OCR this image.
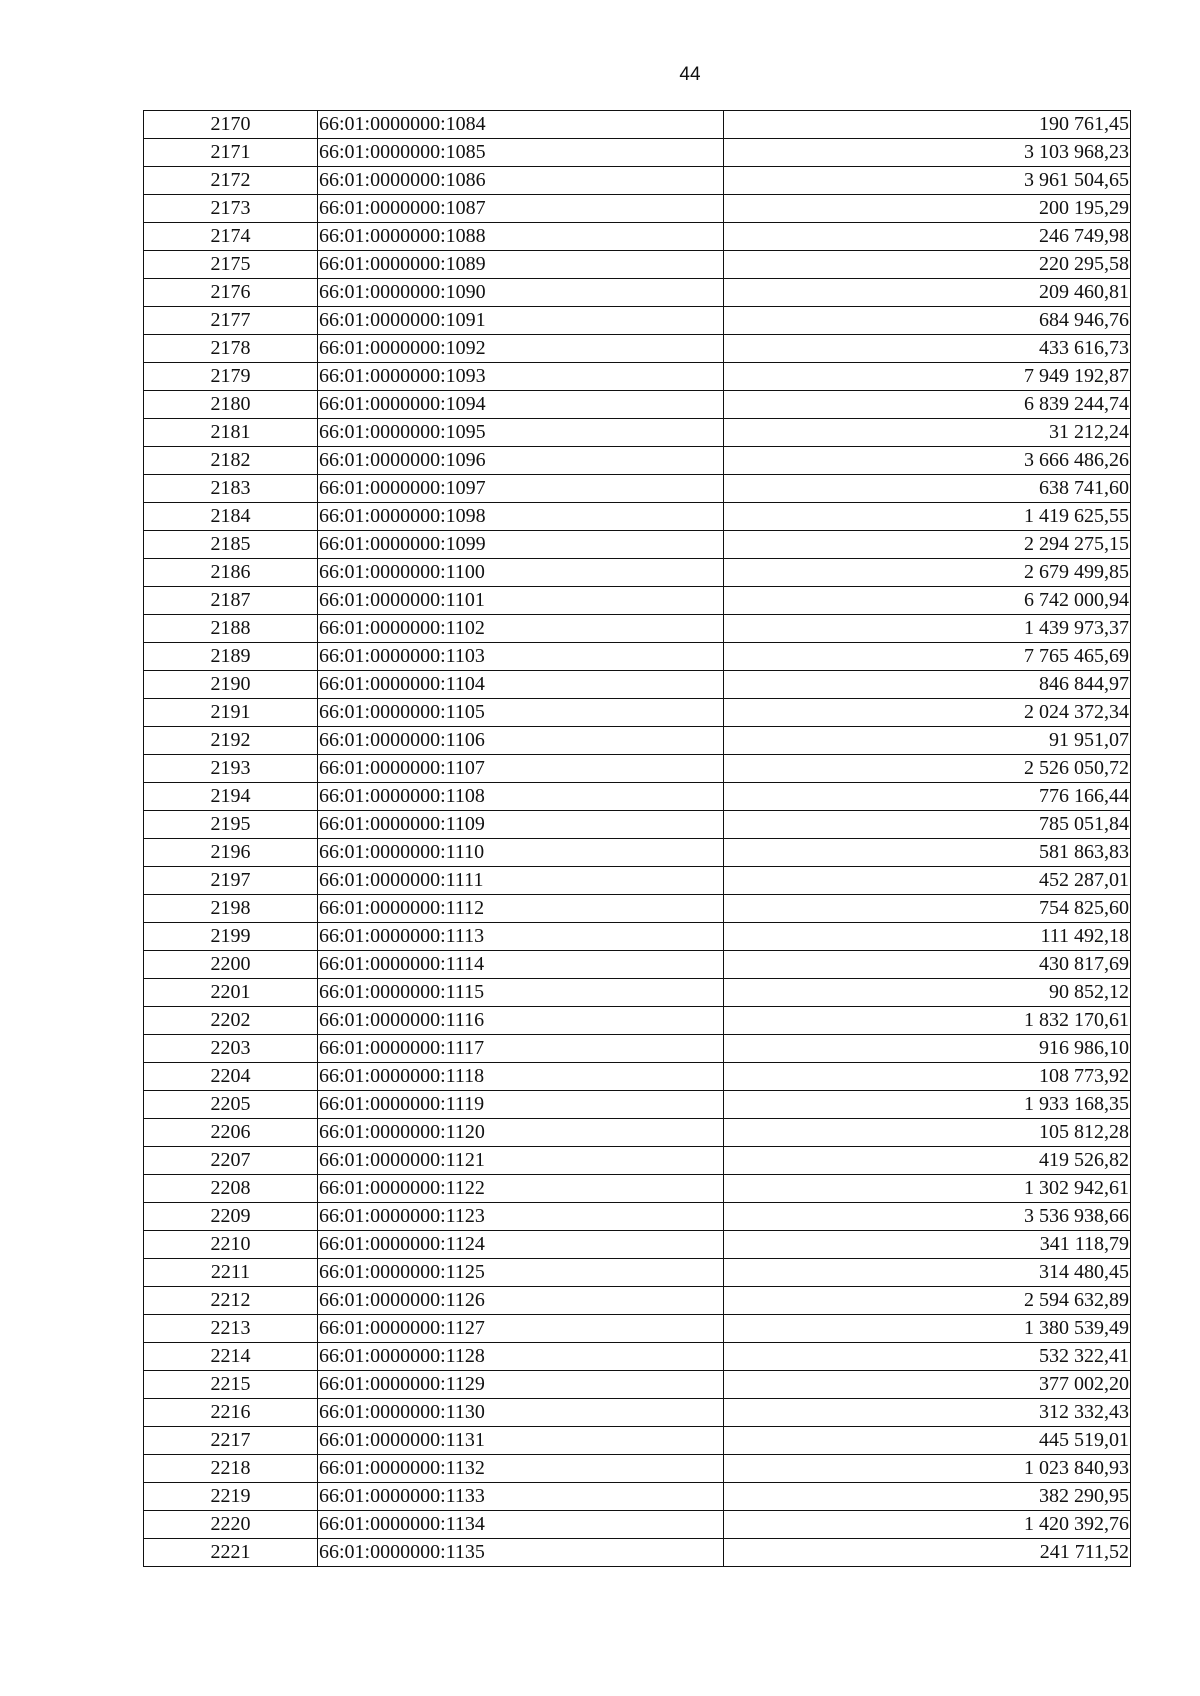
44
2170	66:01:0000000:1084	190 761,45
2171	66:01:0000000:1085	3 103 968,23
2172	66:01:0000000:1086	3 961 504,65
2173	66:01:0000000:1087	200 195,29
2174	66:01:0000000:1088	246 749,98
2175	66:01:0000000:1089	220 295,58
2176	66:01:0000000:1090	209 460,81
2177	66:01:0000000:1091	684 946,76
2178	66:01:0000000:1092	433 616,73
2179	66:01:0000000:1093	7 949 192,87
2180	66:01:0000000:1094	6 839 244,74
2181	66:01:0000000:1095	31 212,24
2182	66:01:0000000:1096	3 666 486,26
2183	66:01:0000000:1097	638 741,60
2184	66:01:0000000:1098	1 419 625,55
2185	66:01:0000000:1099	2 294 275,15
2186	66:01:0000000:1100	2 679 499,85
2187	66:01:0000000:1101	6 742 000,94
2188	66:01:0000000:1102	1 439 973,37
2189	66:01:0000000:1103	7 765 465,69
2190	66:01:0000000:1104	846 844,97
2191	66:01:0000000:1105	2 024 372,34
2192	66:01:0000000:1106	91 951,07
2193	66:01:0000000:1107	2 526 050,72
2194	66:01:0000000:1108	776 166,44
2195	66:01:0000000:1109	785 051,84
2196	66:01:0000000:1110	581 863,83
2197	66:01:0000000:1111	452 287,01
2198	66:01:0000000:1112	754 825,60
2199	66:01:0000000:1113	111 492,18
2200	66:01:0000000:1114	430 817,69
2201	66:01:0000000:1115	90 852,12
2202	66:01:0000000:1116	1 832 170,61
2203	66:01:0000000:1117	916 986,10
2204	66:01:0000000:1118	108 773,92
2205	66:01:0000000:1119	1 933 168,35
2206	66:01:0000000:1120	105 812,28
2207	66:01:0000000:1121	419 526,82
2208	66:01:0000000:1122	1 302 942,61
2209	66:01:0000000:1123	3 536 938,66
2210	66:01:0000000:1124	341 118,79
2211	66:01:0000000:1125	314 480,45
2212	66:01:0000000:1126	2 594 632,89
2213	66:01:0000000:1127	1 380 539,49
2214	66:01:0000000:1128	532 322,41
2215	66:01:0000000:1129	377 002,20
2216	66:01:0000000:1130	312 332,43
2217	66:01:0000000:1131	445 519,01
2218	66:01:0000000:1132	1 023 840,93
2219	66:01:0000000:1133	382 290,95
2220	66:01:0000000:1134	1 420 392,76
2221	66:01:0000000:1135	241 711,52
